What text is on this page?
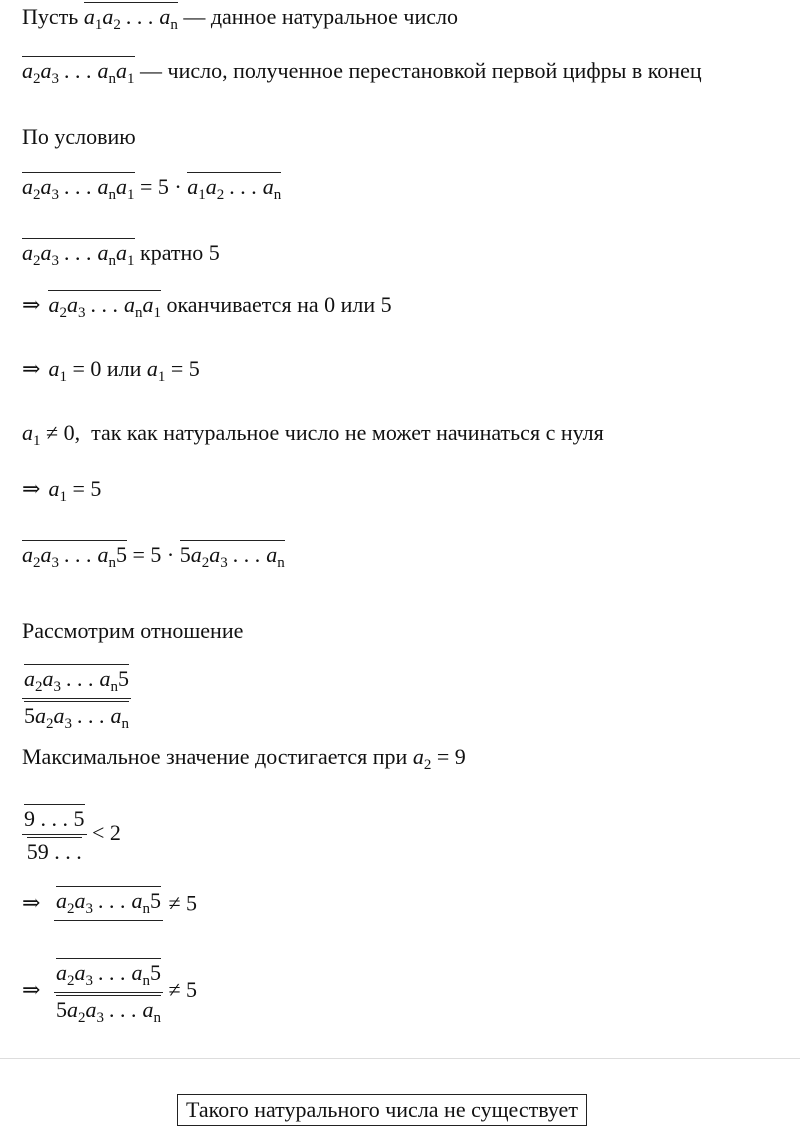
Пусть $a_1a_2$ . . . $a_n$ — данное натуральное число
$a_2a_3$ . . . $a_na_1$ — число, полученное перестановкой первой цифры в конец
По условию
$a_2a_3$ . . . $a_na_1 = 5 \cdot a_1a_2$ . . . $a_n$
$a_2a_3$ . . . $a_na_1$ кратно 5
⇒ $a_2a_3$ . . . $a_na_1$ оканчивается на 0 или 5
⇒ $a_1 = 0$ или $a_1 = 5$
$a_1 \ne 0$,  так как натуральное число не может начинаться с нуля
⇒ $a_1 = 5$
$a_2a_3$ . . . $a_n5 = 5 \cdot 5a_2a_3$ . . . $a_n$
Рассмотрим отношение
$\frac{a_2a_3 . . . a_n5}{5a_2a_3 . . . a_n}$
Максимальное значение достигается при $a_2 = 9$
$\frac{9 . . . 5}{59 . . .} < 2$
⇒ $a_2a_3$ . . . $a_n5 \ne 5$
⇒ $\frac{a_2a_3 . . . a_n5}{5a_2a_3 . . . a_n} \ne 5$
Такого натурального числа не существует
